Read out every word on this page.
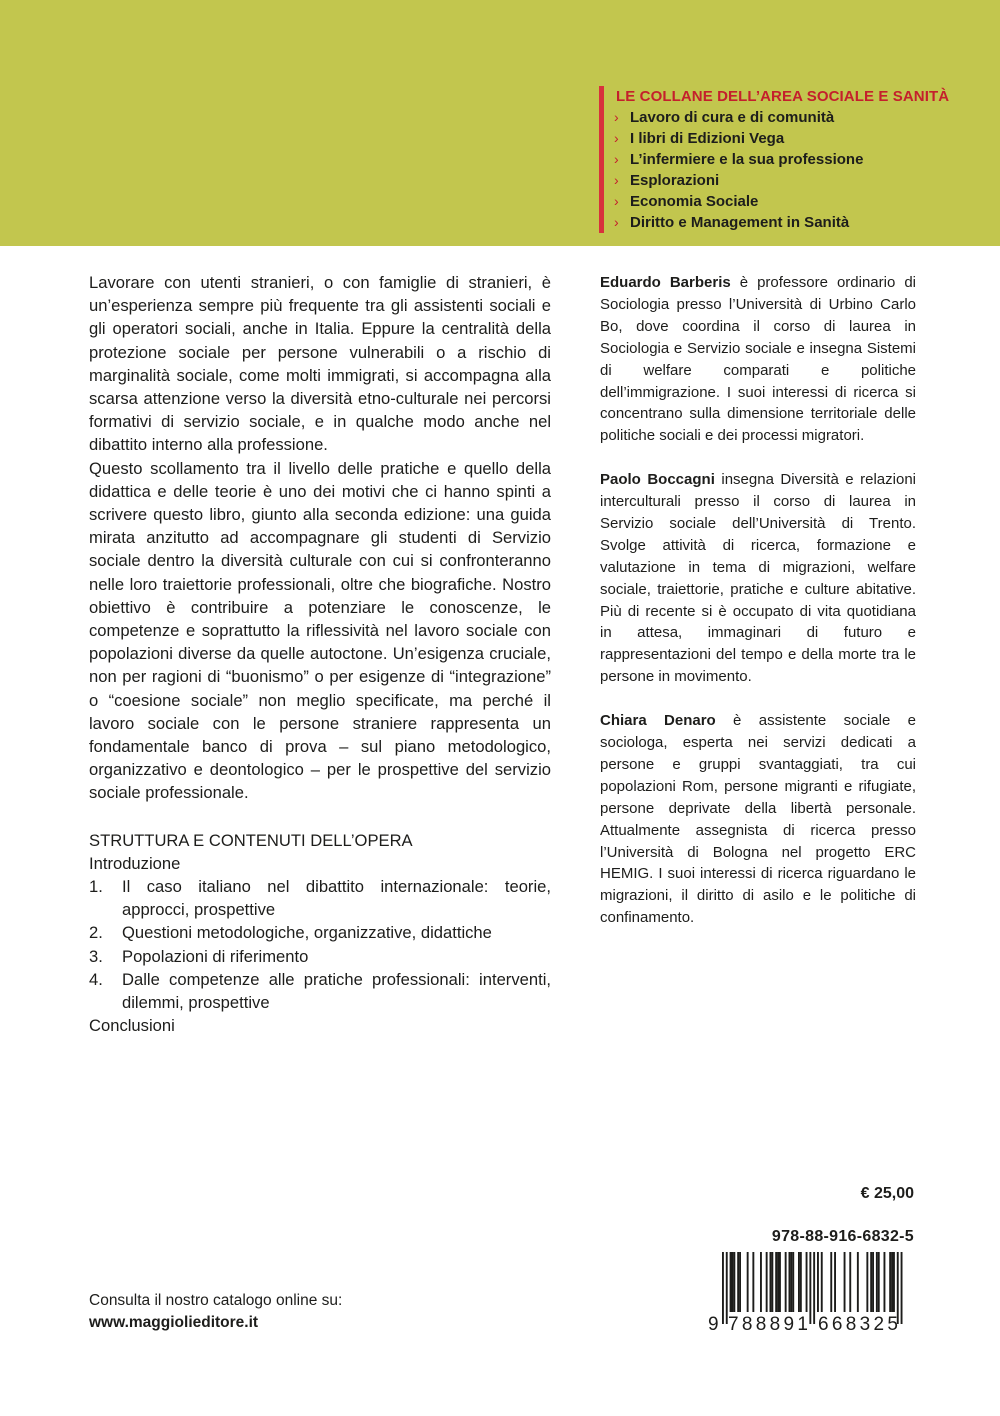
LE COLLANE DELL’AREA SOCIALE E SANITÀ
› Lavoro di cura e di comunità
› I libri di Edizioni Vega
› L’infermiere e la sua professione
› Esplorazioni
› Economia Sociale
› Diritto e Management in Sanità

Lavorare con utenti stranieri, o con famiglie di stranieri, è un’esperienza sempre più frequente tra gli assistenti sociali e gli operatori sociali, anche in Italia. Eppure la centralità della protezione sociale per persone vulnerabili o a rischio di marginalità sociale, come molti immigrati, si accompagna alla scarsa attenzione verso la diversità etno-culturale nei percorsi formativi di servizio sociale, e in qualche modo anche nel dibattito interno alla professione.

Questo scollamento tra il livello delle pratiche e quello della didattica e delle teorie è uno dei motivi che ci hanno spinti a scrivere questo libro, giunto alla seconda edizione: una guida mirata anzitutto ad accompagnare gli studenti di Servizio sociale dentro la diversità culturale con cui si confronteranno nelle loro traiettorie professionali, oltre che biografiche. Nostro obiettivo è contribuire a potenziare le conoscenze, le competenze e soprattutto la riflessività nel lavoro sociale con popolazioni diverse da quelle autoctone. Un’esigenza cruciale, non per ragioni di “buonismo” o per esigenze di “integrazione” o “coesione sociale” non meglio specificate, ma perché il lavoro sociale con le persone straniere rappresenta un fondamentale banco di prova – sul piano metodologico, organizzativo e deontologico – per le prospettive del servizio sociale professionale.

STRUTTURA E CONTENUTI DELL’OPERA
Introduzione
1.	Il caso italiano nel dibattito internazionale: teorie, approcci, prospettive
2.	Questioni metodologiche, organizzative, didattiche
3.	Popolazioni di riferimento
4.	Dalle competenze alle pratiche professionali: interventi, dilemmi, prospettive
Conclusioni

Eduardo Barberis è professore ordinario di Sociologia presso l’Università di Urbino Carlo Bo, dove coordina il corso di laurea in Sociologia e Servizio sociale e insegna Sistemi di welfare comparati e politiche dell’immigrazione. I suoi interessi di ricerca si concentrano sulla dimensione territoriale delle politiche sociali e dei processi migratori.

Paolo Boccagni insegna Diversità e relazioni interculturali presso il corso di laurea in Servizio sociale dell’Università di Trento. Svolge attività di ricerca, formazione e valutazione in tema di migrazioni, welfare sociale, traiettorie, pratiche e culture abitative. Più di recente si è occupato di vita quotidiana in attesa, immaginari di futuro e rappresentazioni del tempo e della morte tra le persone in movimento.

Chiara Denaro è assistente sociale e sociologa, esperta nei servizi dedicati a persone e gruppi svantaggiati, tra cui popolazioni Rom, persone migranti e rifugiate, persone deprivate della libertà personale. Attualmente assegnista di ricerca presso l’Università di Bologna nel progetto ERC HEMIG. I suoi interessi di ricerca riguardano le migrazioni, il diritto di asilo e le politiche di confinamento.

€ 25,00
978-88-916-6832-5
9 788891 668325
Consulta il nostro catalogo online su:
www.maggiolieditore.it
